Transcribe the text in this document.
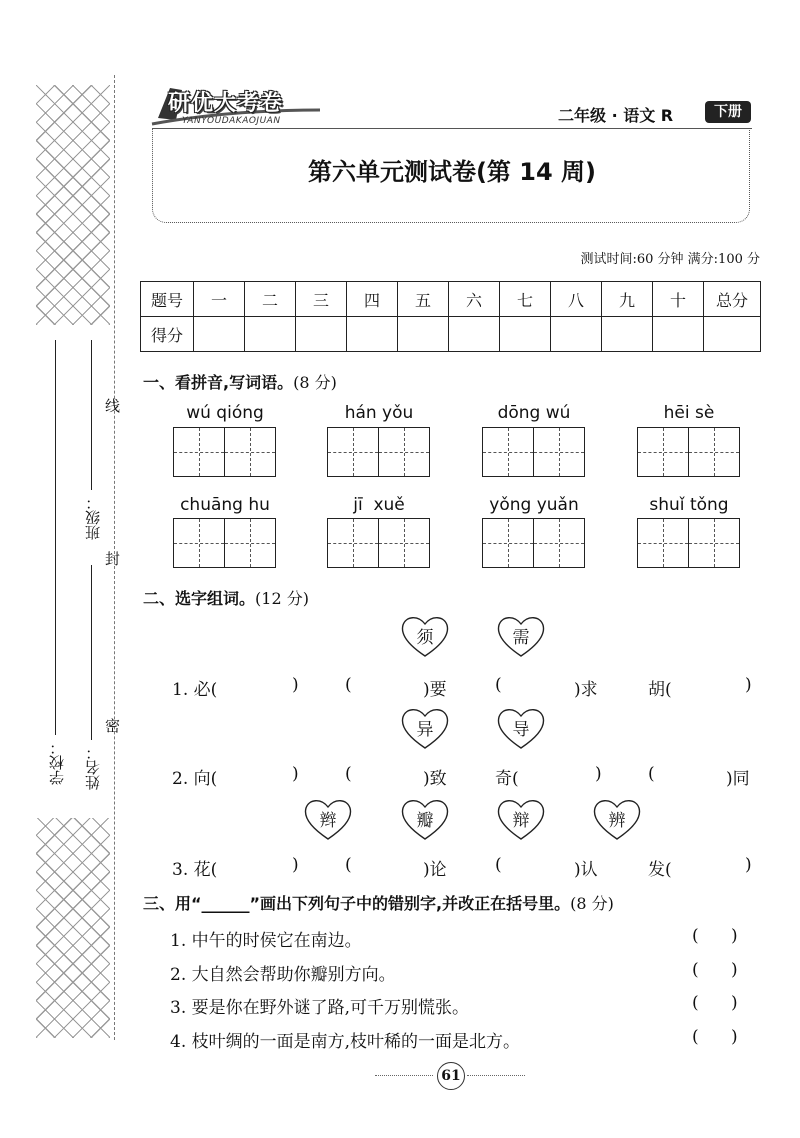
学校：
班级：
姓名：
线
封
密
研优大考卷
YANYOUDAKAOJUAN	二年级 · 语文 R	下册
第六单元测试卷(第 14 周)
测试时间:60 分钟 满分:100 分
题号	一	二	三	四	五	六	七	八	九	十	总分
得分											
一、看拼音,写词语。(8 分)
wú qióng	hán yǒu	dōng wú	hēi sè
chuāng hu	jī  xuě	yǒng yuǎn	shuǐ tǒng
二、选字组词。(12 分)
须	需
1. 必(	)	(	)要	(	)求	胡(	)
异	导
2. 向(	)	(	)致	奇(	)	(	)同
辫	瓣	辩	辨
3. 花(	)	(	)论	(	)认	发(	)
三、用“______”画出下列句子中的错别字,并改正在括号里。(8 分)
1. 中午的时侯它在南边。	(      )
2. 大自然会帮助你瓣别方向。	(      )
3. 要是你在野外谜了路,可千万别慌张。	(      )
4. 枝叶绸的一面是南方,枝叶稀的一面是北方。	(      )
61
